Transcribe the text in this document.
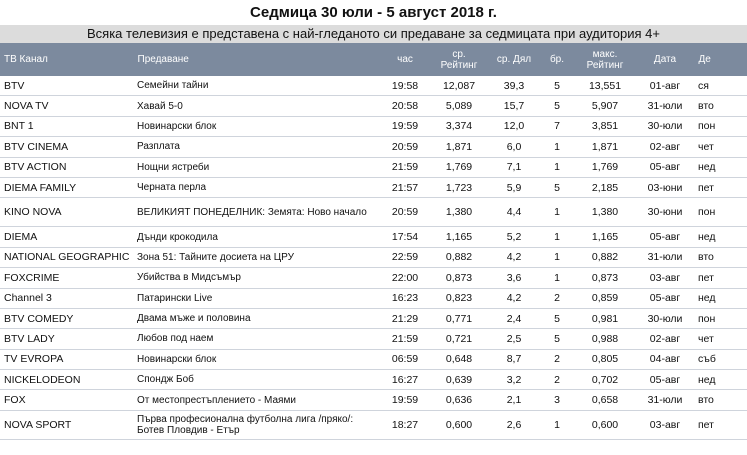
Седмица 30 юли - 5 август 2018 г.
Всяка телевизия е представена с най-гледаното си предаване за седмицата при аудитория 4+
ТВ Канал	Предаване	час	ср. Рейтинг	ср. Дял	бр.	макс. Рейтинг	Дата	Де
BTV	Семейни тайни	19:58	12,087	39,3	5	13,551	01-авг	ся
NOVA TV	Хавай 5-0	20:58	5,089	15,7	5	5,907	31-юли	вто
BNT 1	Новинарски блок	19:59	3,374	12,0	7	3,851	30-юли	пон
BTV CINEMA	Разплата	20:59	1,871	6,0	1	1,871	02-авг	чет
BTV ACTION	Нощни ястреби	21:59	1,769	7,1	1	1,769	05-авг	нед
DIEMA FAMILY	Черната перла	21:57	1,723	5,9	5	2,185	03-юни	пет
KINO NOVA	ВЕЛИКИЯТ ПОНЕДЕЛНИК: Земята: Ново начало	20:59	1,380	4,4	1	1,380	30-юни	пон
DIEMA	Дънди крокодила	17:54	1,165	5,2	1	1,165	05-авг	нед
NATIONAL GEOGRAPHIC	Зона 51: Тайните досиета на ЦРУ	22:59	0,882	4,2	1	0,882	31-юли	вто
FOXCRIME	Убийства в Мидсъмър	22:00	0,873	3,6	1	0,873	03-авг	пет
Channel 3	Патарински Live	16:23	0,823	4,2	2	0,859	05-авг	нед
BTV COMEDY	Двама мъже и половина	21:29	0,771	2,4	5	0,981	30-юли	пон
BTV LADY	Любов под наем	21:59	0,721	2,5	5	0,988	02-авг	чет
TV EVROPA	Новинарски блок	06:59	0,648	8,7	2	0,805	04-авг	съб
NICKELODEON	Спондж Боб	16:27	0,639	3,2	2	0,702	05-авг	нед
FOX	От местопрестъплението - Маями	19:59	0,636	2,1	3	0,658	31-юли	вто
NOVA SPORT	Първа професионална футболна лига /пряко/: Ботев Пловдив - Етър	18:27	0,600	2,6	1	0,600	03-авг	пет
